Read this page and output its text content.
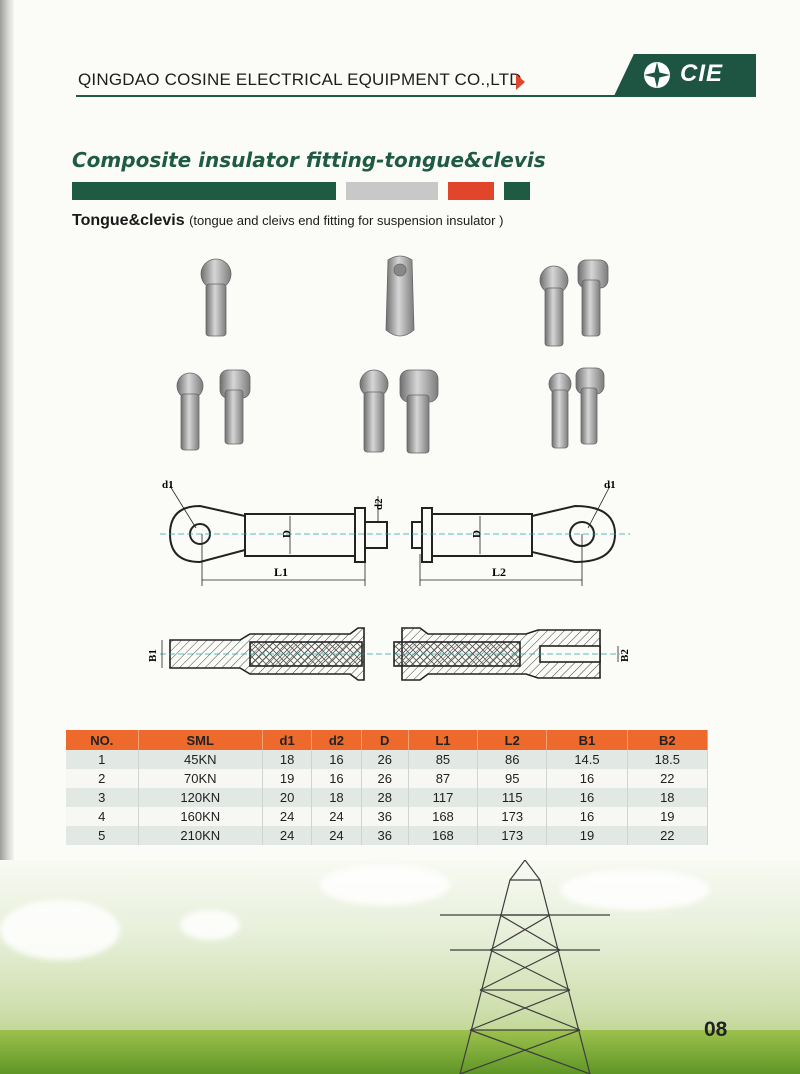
QINGDAO COSINE ELECTRICAL EQUIPMENT CO.,LTD	CIE
Composite insulator fitting-tongue&clevis
Tongue&clevis (tongue and cleivs end fitting for suspension insulator )
d1	d1
d2
D	D
L1	L2
B1	B2
NO.	SML	d1	d2	D	L1	L2	B1	B2
1	45KN	18	16	26	85	86	14.5	18.5
2	70KN	19	16	26	87	95	16	22
3	120KN	20	18	28	117	115	16	18
4	160KN	24	24	36	168	173	16	19
5	210KN	24	24	36	168	173	19	22
08
